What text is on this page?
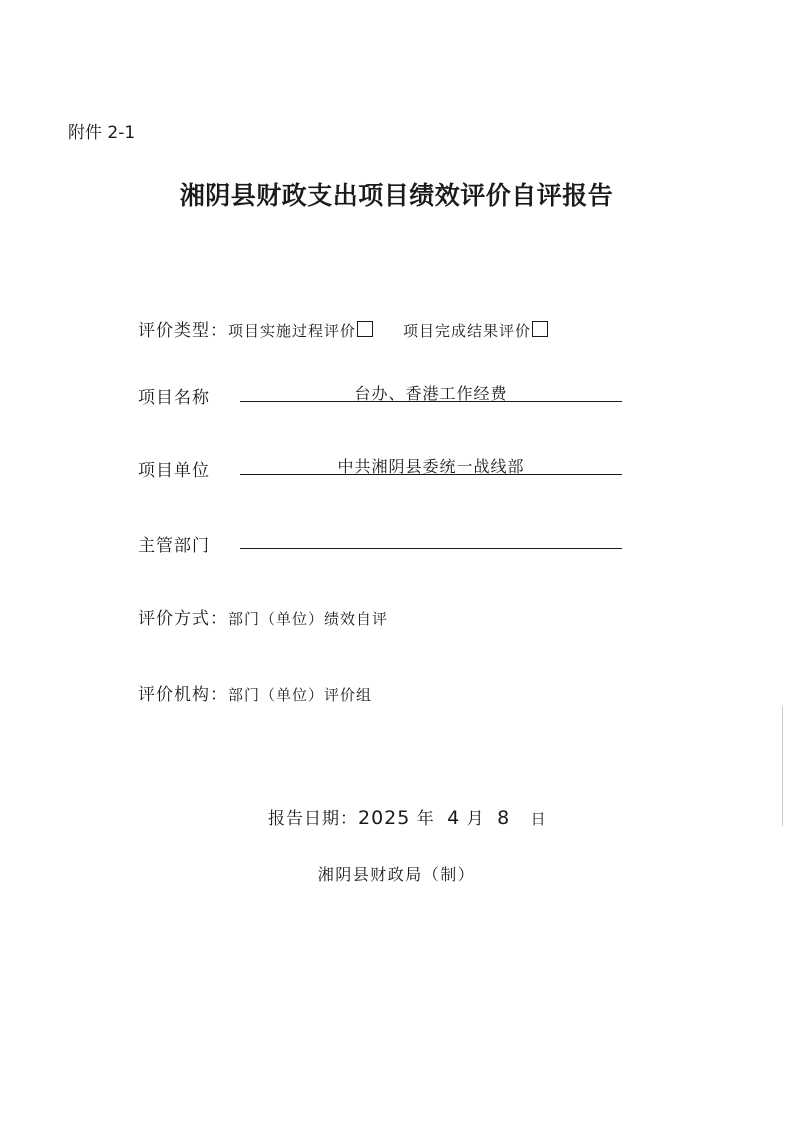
附件 2-1
湘阴县财政支出项目绩效评价自评报告
评价类型：项目实施过程评价	项目完成结果评价
项目名称	台办、香港工作经费
项目单位	中共湘阴县委统一战线部
主管部门
评价方式：部门（单位）绩效自评
评价机构：部门（单位）评价组
报告日期：2025 年 4 月 8 日
湘阴县财政局（制）
